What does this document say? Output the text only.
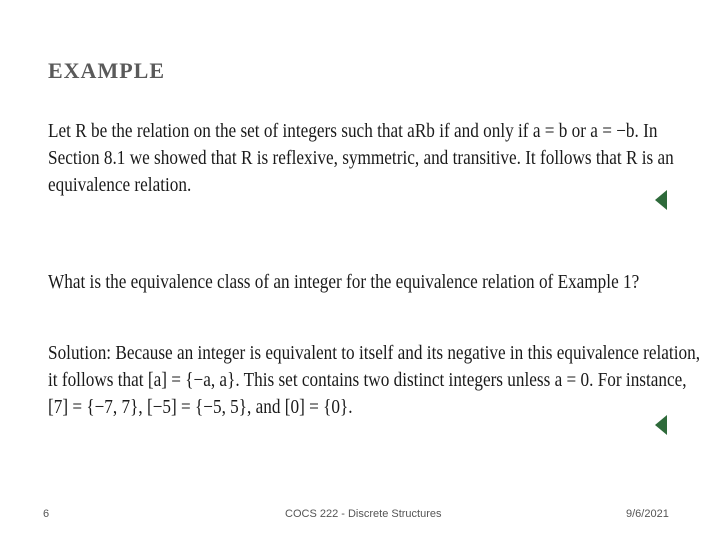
EXAMPLE
Let R be the relation on the set of integers such that aRb if and only if a = b or a = −b. In
Section 8.1 we showed that R is reflexive, symmetric, and transitive. It follows that R is an
equivalence relation.
What is the equivalence class of an integer for the equivalence relation of Example 1?
Solution: Because an integer is equivalent to itself and its negative in this equivalence relation,
it follows that [a] = {−a, a}. This set contains two distinct integers unless a = 0. For instance,
[7] = {−7, 7}, [−5] = {−5, 5}, and [0] = {0}.
6	COCS 222 - Discrete Structures	9/6/2021
